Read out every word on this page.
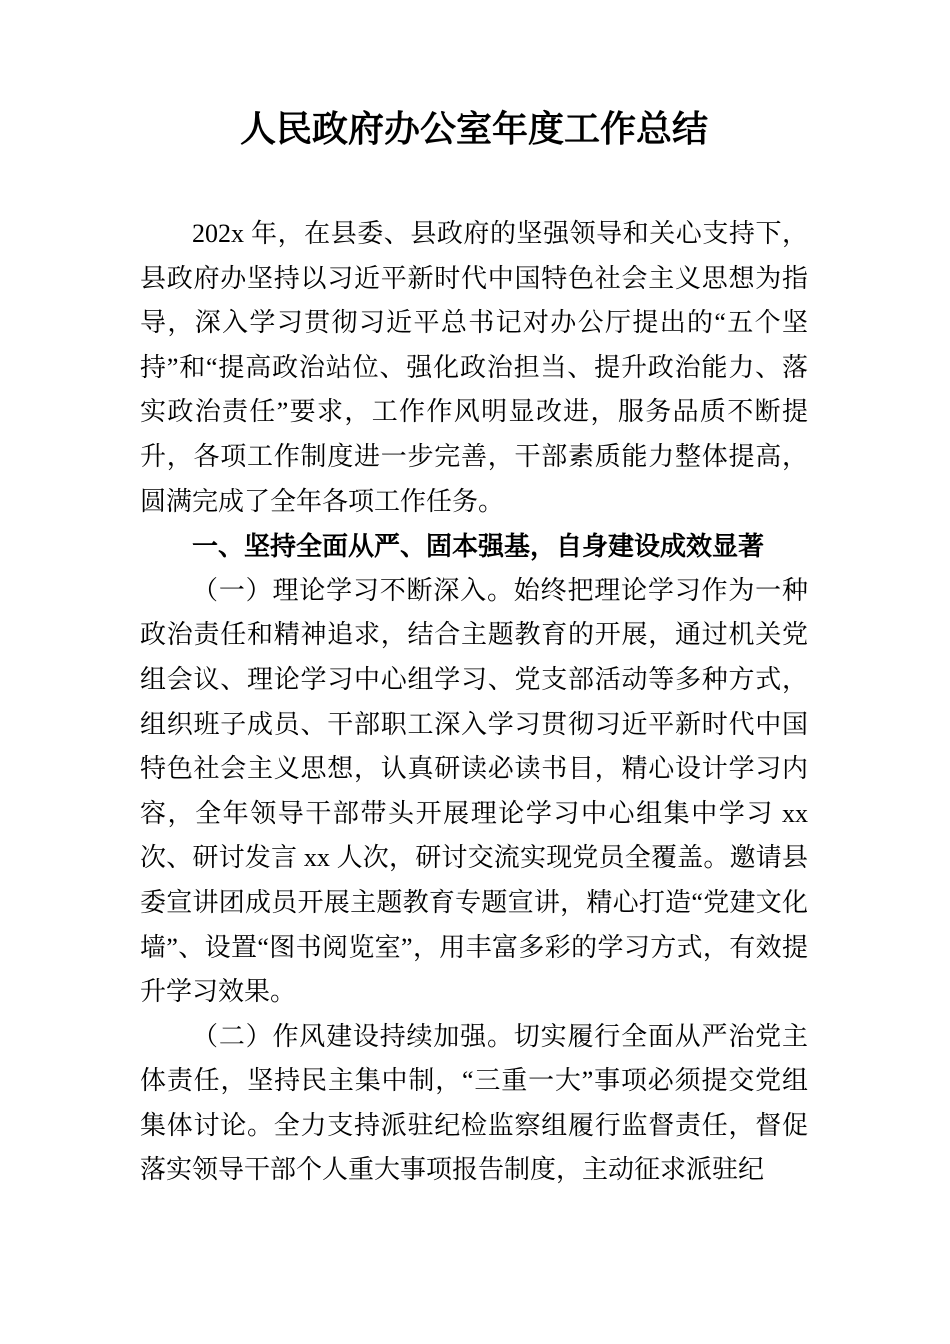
人民政府办公室年度工作总结

202x 年，在县委、县政府的坚强领导和关心支持下，县政府办坚持以习近平新时代中国特色社会主义思想为指导，深入学习贯彻习近平总书记对办公厅提出的“五个坚持”和“提高政治站位、强化政治担当、提升政治能力、落实政治责任”要求，工作作风明显改进，服务品质不断提升，各项工作制度进一步完善，干部素质能力整体提高，圆满完成了全年各项工作任务。

一、坚持全面从严、固本强基，自身建设成效显著

（一）理论学习不断深入。始终把理论学习作为一种政治责任和精神追求，结合主题教育的开展，通过机关党组会议、理论学习中心组学习、党支部活动等多种方式，组织班子成员、干部职工深入学习贯彻习近平新时代中国特色社会主义思想，认真研读必读书目，精心设计学习内容，全年领导干部带头开展理论学习中心组集中学习 xx 次、研讨发言 xx 人次，研讨交流实现党员全覆盖。邀请县委宣讲团成员开展主题教育专题宣讲，精心打造“党建文化墙”、设置“图书阅览室”，用丰富多彩的学习方式，有效提升学习效果。

（二）作风建设持续加强。切实履行全面从严治党主体责任，坚持民主集中制，“三重一大”事项必须提交党组集体讨论。全力支持派驻纪检监察组履行监督责任，督促落实领导干部个人重大事项报告制度，主动征求派驻纪
